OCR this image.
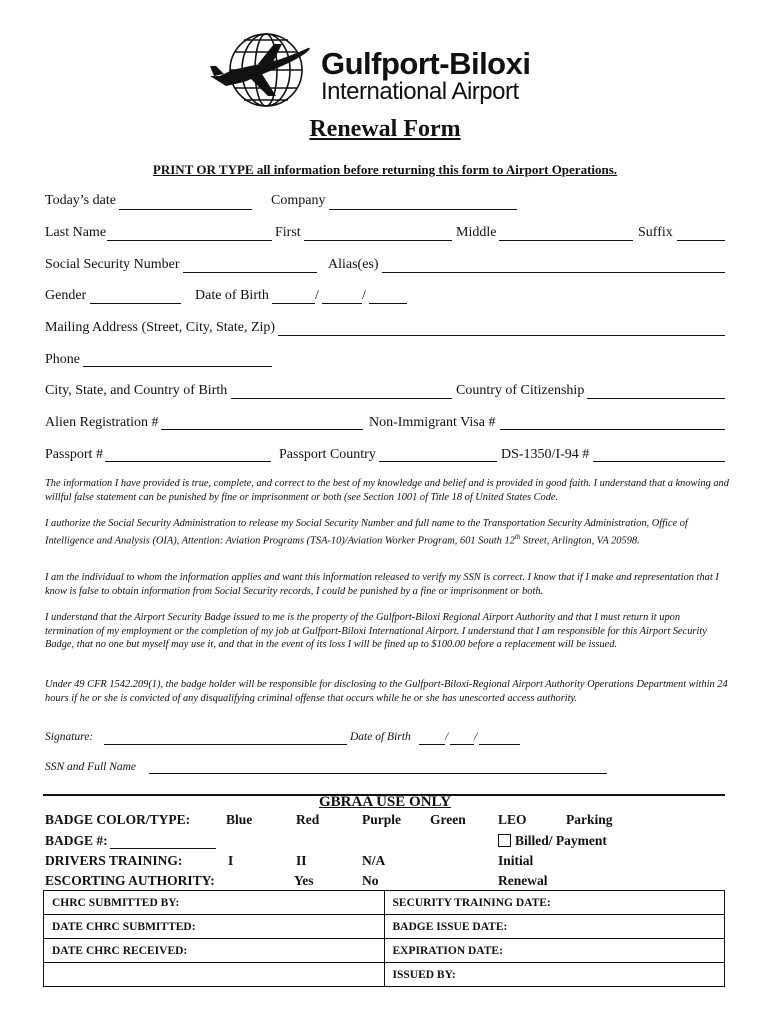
Gulfport-Biloxi
International Airport
Renewal Form
PRINT OR TYPE all information before returning this form to Airport Operations.
Today’s date	Company
Last Name	First	Middle	Suffix
Social Security Number	Alias(es)
Gender	Date of Birth	/	/
Mailing Address (Street, City, State, Zip)
Phone
City, State, and Country of Birth	Country of Citizenship
Alien Registration #	Non-Immigrant Visa #
Passport #	Passport Country	DS-1350/I-94 #
The information I have provided is true, complete, and correct to the best of my knowledge and belief and is provided in good faith. I understand that a knowing and willful false statement can be punished by fine or imprisonment or both (see Section 1001 of Title 18 of United States Code.
I authorize the Social Security Administration to release my Social Security Number and full name to the Transportation Security Administration, Office of Intelligence and Analysis (OIA), Attention: Aviation Programs (TSA-10)/Aviation Worker Program, 601 South 12th Street, Arlington, VA 20598.
I am the individual to whom the information applies and want this information released to verify my SSN is correct. I know that if I make and representation that I know is false to obtain information from Social Security records, I could be punished by a fine or imprisonment or both.
I understand that the Airport Security Badge issued to me is the property of the Gulfport-Biloxi Regional Airport Authority and that I must return it upon termination of my employment or the completion of my job at Gulfport-Biloxi International Airport. I understand that I am responsible for this Airport Security Badge, that no one but myself may use it, and that in the event of its loss I will be fined up to $100.00 before a replacement will be issued.
Under 49 CFR 1542.209(1), the badge holder will be responsible for disclosing to the Gulfport-Biloxi-Regional Airport Authority Operations Department within 24 hours if he or she is convicted of any disqualifying criminal offense that occurs while he or she has unescorted access authority.
Signature:	Date of Birth	/ /
SSN and Full Name
GBRAA USE ONLY
BADGE COLOR/TYPE:	Blue	Red	Purple Green LEO	Parking
BADGE #:	Billed/ Payment
DRIVERS TRAINING:	I	II	N/A	Initial
ESCORTING AUTHORITY:	Yes	No	Renewal
CHRC SUBMITTED BY:	SECURITY TRAINING DATE:
DATE CHRC SUBMITTED:	BADGE ISSUE DATE:
DATE CHRC RECEIVED:	EXPIRATION DATE:
	ISSUED BY:
